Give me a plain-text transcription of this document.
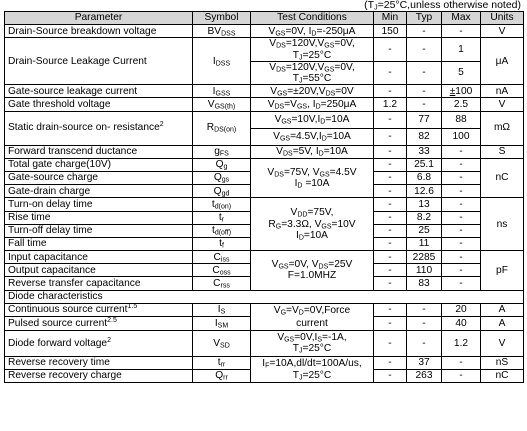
($T_J=25^\circ C,unless$ otherwise noted)
Parameter	Symbol	Test Conditions	Min	Typ	Max	Units
Drain-Source breakdown voltage	$BV_{DSS}$	$V_{GS}=0V$, $I_D=-250\mu A$	150	-	-	V
Drain-Source Leakage Current	$I_{DSS}$	$V_{DS}=120V,V_{GS}=0V$,
$T_J=25^\circ C$	-	-	1	μA

		$V_{DS}=120V,V_{GS}=0V$,
$T_J=55^\circ C$	-	-	5	

Gate-source leakage current	$I_{GSS}$	$V_{GS}=\pm 20V,V_{DS}=0V$	-	-	±100	nA
Gate threshold voltage	$V_{GS(th)}$	$V_{DS}=V_{GS}$, $I_D=250\mu A$	1.2	-	2.5	V
Static drain-source on- resistance$^2$	$R_{DS(on)}$	$V_{GS}=10V,I_D=10A$	-	77	88	mΩ
		$V_{GS}=4.5V,I_D=10A$	-	82	100	
Forward transcend ductance	$g_{FS}$	$V_{DS}=5V$, $I_D=10A$	-	33	-	S
Total gate charge(10V)	$Q_g$	$V_{DS}=75V$, $V_{GS}=4.5V$
$I_D =10A$	-	25.1	-	nC
Gate-source charge	$Q_{gs}$		-	6.8	-	
Gate-drain charge	$Q_{gd}$		-	12.6	-	
Turn-on delay time	$t_{d(on)}$	$V_{DD}=75V$,
$R_G=3.3\Omega$, $V_{GS}=10V$
$I_D=10A$	-	13	-	ns
Rise time	$t_r$		-	8.2	-	
Turn-off delay time	$t_{d(off)}$		-	25	-	
Fall time	$t_f$		-	11	-	
Input capacitance	$C_{iss}$	$V_{GS}=0V$, $V_{DS}=25V$
F=1.0MHZ	-	2285	-	pF
Output capacitance	$C_{oss}$		-	110	-	
Reverse transfer capacitance	$C_{rss}$		-	83	-	
Diode characteristics						
Continuous source current$^{1.5}$	$I_S$	$V_G=V_D=0V,Force$
current	-	-	20	A
Pulsed source current$^{2.5}$	$I_{SM}$		-	-	40	A
Diode forward voltage$^2$	$V_{SD}$	$V_{GS}=0V,I_S=-1A$,
$T_J=25^\circ C$	-	-	1.2	V
Reverse recovery time	$t_{rr}$	$I_F=10A,dl/dt=100A/us$,
$T_J=25^\circ C$	-	37	-	nS
Reverse recovery charge	$Q_{rr}$		-	263	-	nC
